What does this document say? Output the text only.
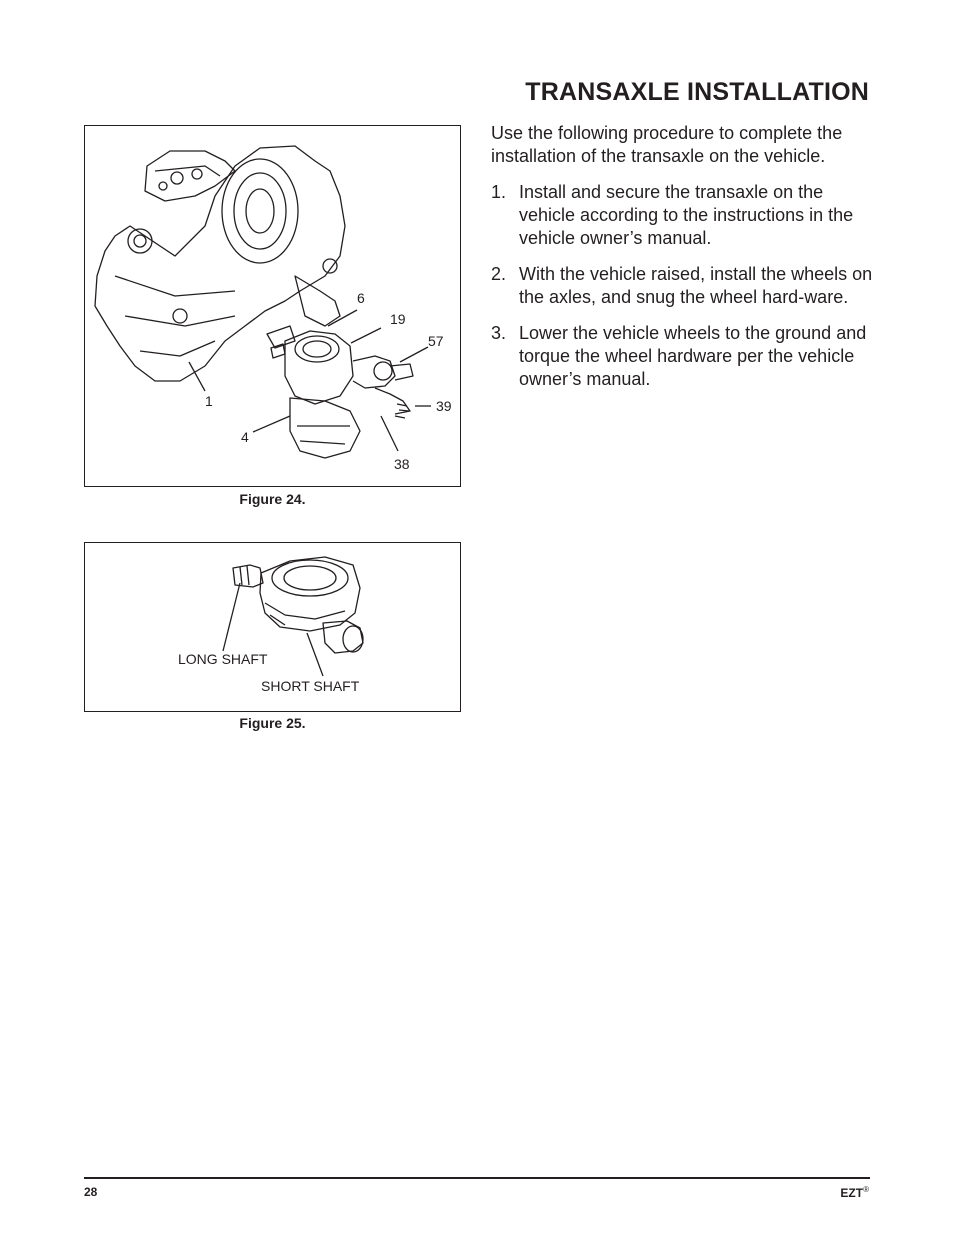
TRANSAXLE INSTALLATION

Use the following procedure to complete the installation of the transaxle on the vehicle.

1. Install and secure the transaxle on the vehicle according to the instructions in the vehicle owner’s manual.
2. With the vehicle raised, install the wheels on the axles, and snug the wheel hard-ware.
3. Lower the vehicle wheels to the ground and torque the wheel hardware per the vehicle owner’s manual.
6
19
57
1	39
4
38
Figure 24.
LONG SHAFT
SHORT SHAFT
Figure 25.
28	EZT®
